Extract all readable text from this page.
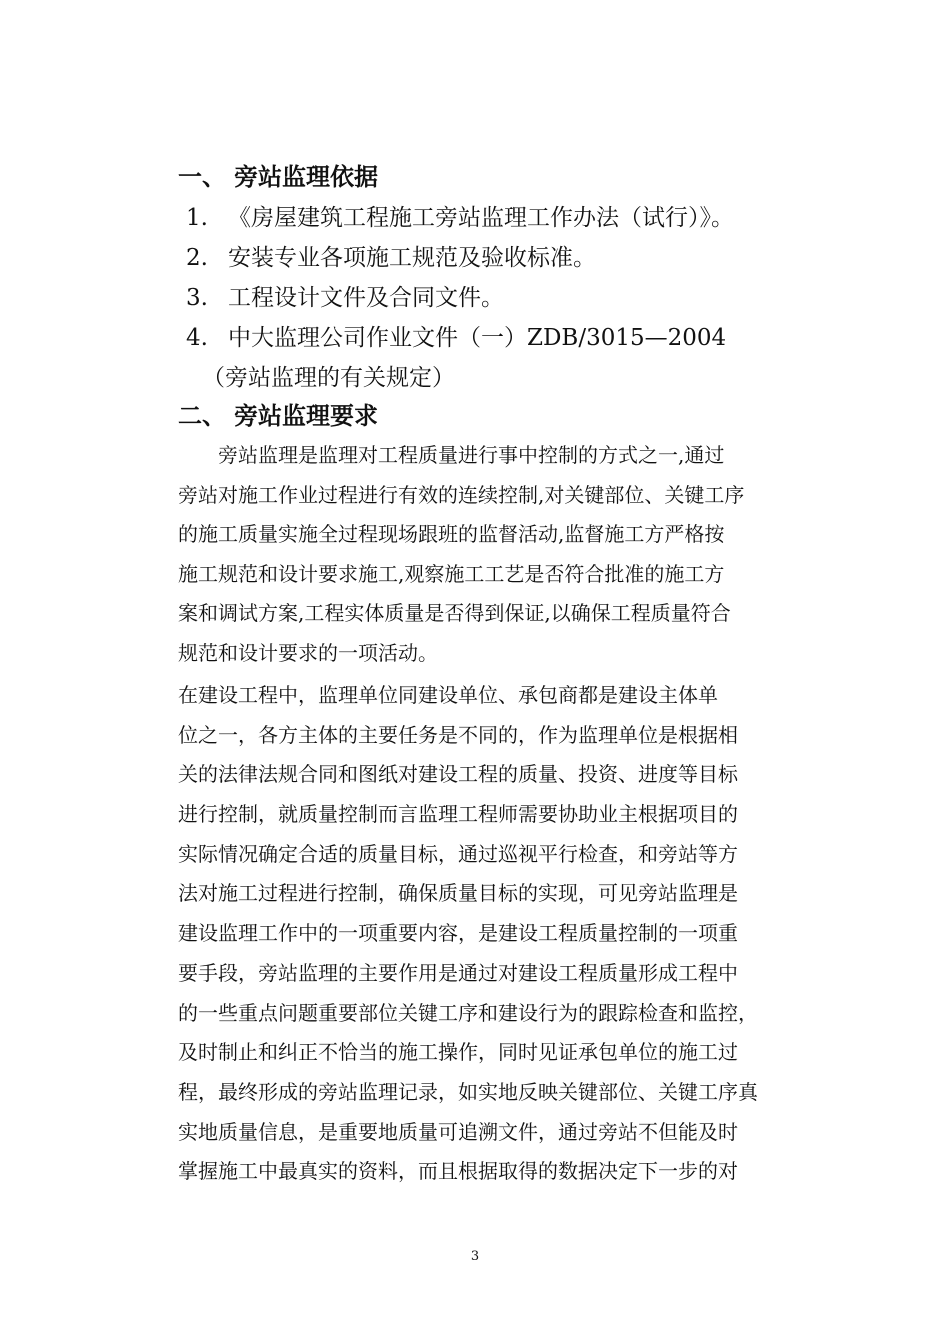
一、 旁站监理依据
1. 《房屋建筑工程施工旁站监理工作办法（试行）》。
2. 安装专业各项施工规范及验收标准。
3. 工程设计文件及合同文件。
4. 中大监理公司作业文件（一）ZDB/3015—2004
（旁站监理的有关规定）
二、 旁站监理要求
　　旁站监理是监理对工程质量进行事中控制的方式之一,通过
旁站对施工作业过程进行有效的连续控制,对关键部位、关键工序
的施工质量实施全过程现场跟班的监督活动,监督施工方严格按
施工规范和设计要求施工,观察施工工艺是否符合批准的施工方
案和调试方案,工程实体质量是否得到保证,以确保工程质量符合
规范和设计要求的一项活动。
在建设工程中，监理单位同建设单位、承包商都是建设主体单
位之一，各方主体的主要任务是不同的，作为监理单位是根据相
关的法律法规合同和图纸对建设工程的质量、投资、进度等目标
进行控制，就质量控制而言监理工程师需要协助业主根据项目的
实际情况确定合适的质量目标，通过巡视平行检查，和旁站等方
法对施工过程进行控制，确保质量目标的实现，可见旁站监理是
建设监理工作中的一项重要内容，是建设工程质量控制的一项重
要手段，旁站监理的主要作用是通过对建设工程质量形成工程中
的一些重点问题重要部位关键工序和建设行为的跟踪检查和监控，
及时制止和纠正不恰当的施工操作，同时见证承包单位的施工过
程，最终形成的旁站监理记录，如实地反映关键部位、关键工序真
实地质量信息，是重要地质量可追溯文件，通过旁站不但能及时
掌握施工中最真实的资料，而且根据取得的数据决定下一步的对
3
